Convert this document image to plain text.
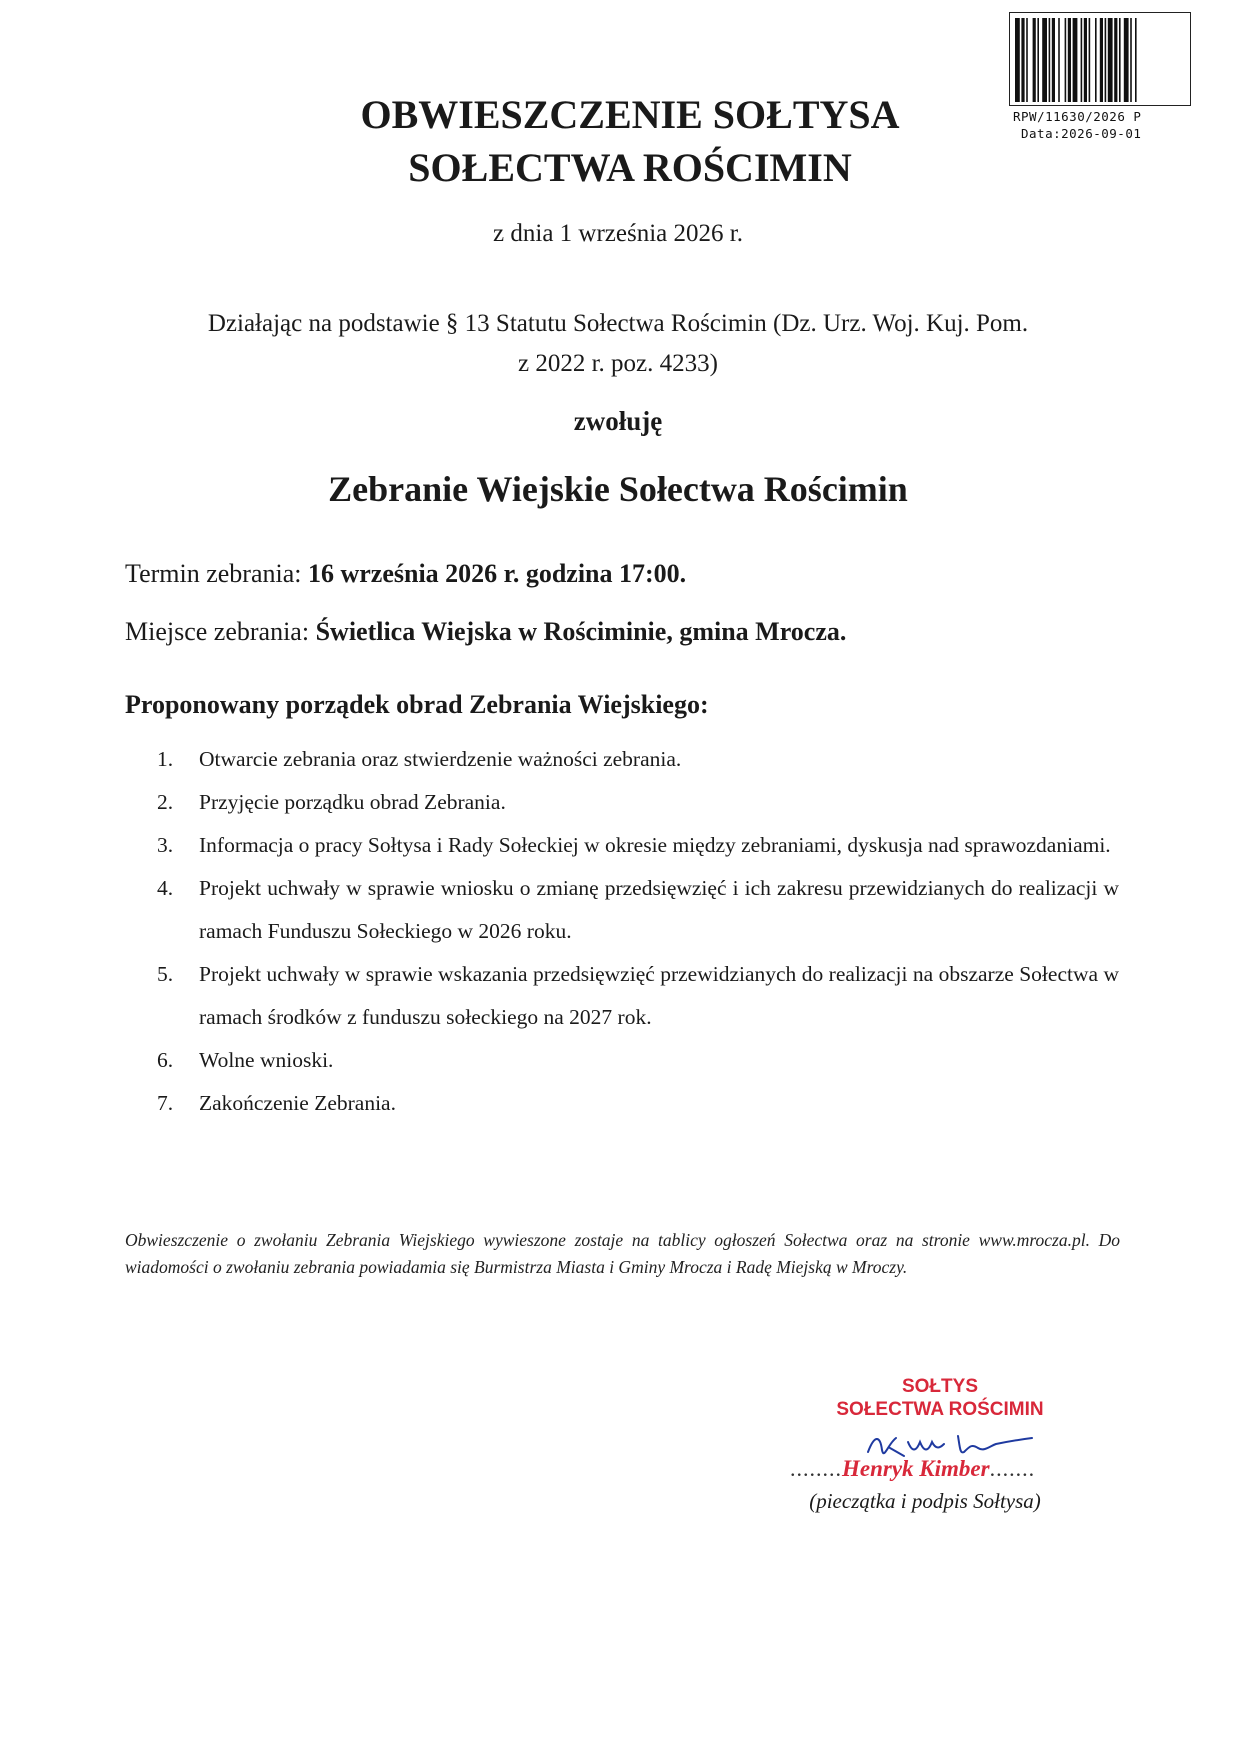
RPW/11630/2026 P
Data:2026-09-01
OBWIESZCZENIE SOŁTYSA
SOŁECTWA ROŚCIMIN

z dnia 1 września 2026 r.

Działając na podstawie § 13 Statutu Sołectwa Rościmin (Dz. Urz. Woj. Kuj. Pom.
z 2022 r. poz. 4233)

zwołuję

Zebranie Wiejskie Sołectwa Rościmin

Termin zebrania: 16 września 2026 r. godzina 17:00.

Miejsce zebrania: Świetlica Wiejska w Rościminie, gmina Mrocza.

Proponowany porządek obrad Zebrania Wiejskiego:

1. Otwarcie zebrania oraz stwierdzenie ważności zebrania.
2. Przyjęcie porządku obrad Zebrania.
3. Informacja o pracy Sołtysa i Rady Sołeckiej w okresie między zebraniami, dyskusja nad sprawozdaniami.
4. Projekt uchwały w sprawie wniosku o zmianę przedsięwzięć i ich zakresu przewidzianych do realizacji w ramach Funduszu Sołeckiego w 2026 roku.
5. Projekt uchwały w sprawie wskazania przedsięwzięć przewidzianych do realizacji na obszarze Sołectwa w ramach środków z funduszu sołeckiego na 2027 rok.
6. Wolne wnioski.
7. Zakończenie Zebrania.

Obwieszczenie o zwołaniu Zebrania Wiejskiego wywieszone zostaje na tablicy ogłoszeń Sołectwa oraz na stronie www.mrocza.pl. Do wiadomości o zwołaniu zebrania powiadamia się Burmistrza Miasta i Gminy Mrocza i Radę Miejską w Mroczy.

SOŁTYS
SOŁECTWA ROŚCIMIN
........Henryk Kimber.......

(pieczątka i podpis Sołtysa)
